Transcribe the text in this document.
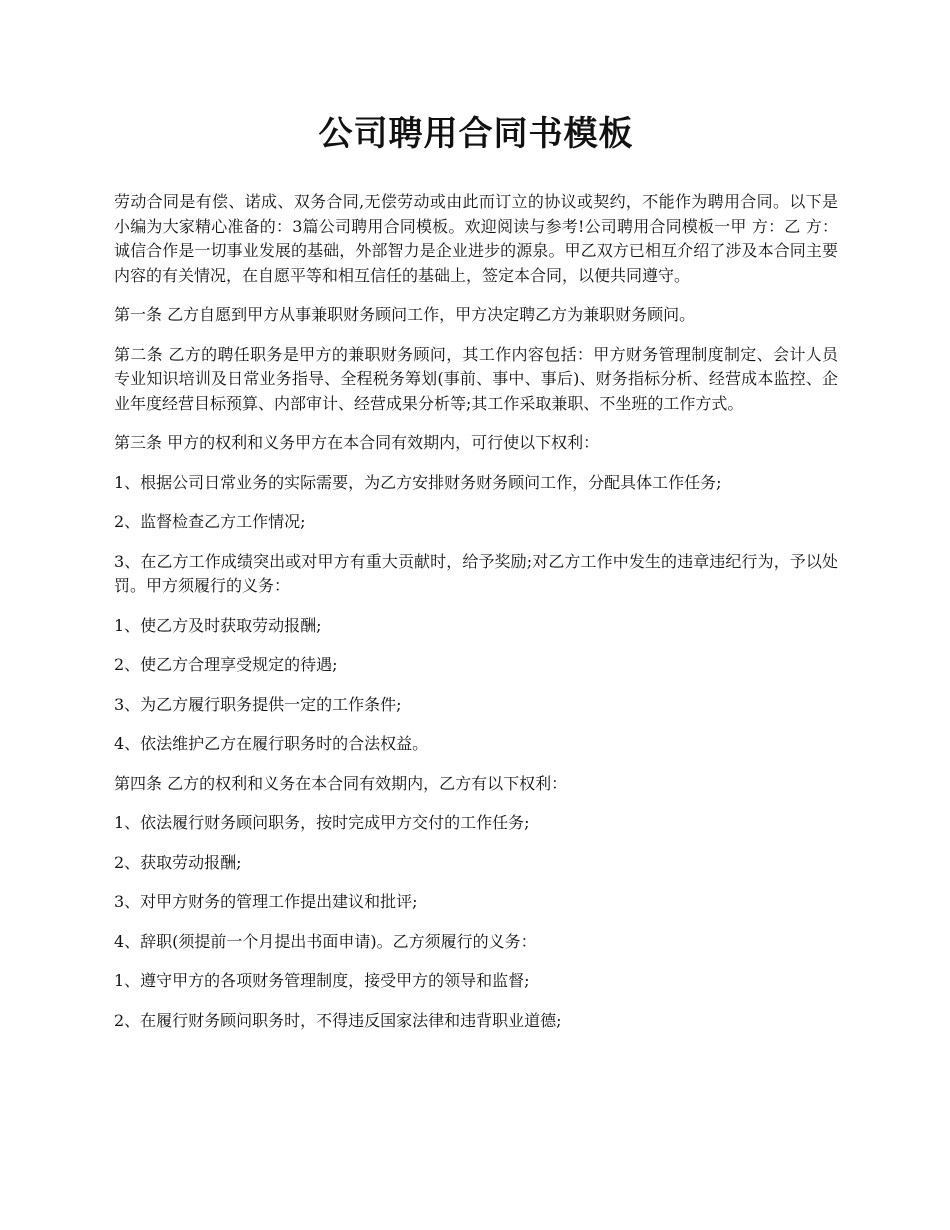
公司聘用合同书模板

劳动合同是有偿、诺成、双务合同,无偿劳动或由此而订立的协议或契约，不能作为聘用合同。以下是小编为大家精心准备的：3篇公司聘用合同模板。欢迎阅读与参考!公司聘用合同模板一甲 方：乙 方：诚信合作是一切事业发展的基础，外部智力是企业进步的源泉。甲乙双方已相互介绍了涉及本合同主要内容的有关情况，在自愿平等和相互信任的基础上，签定本合同，以便共同遵守。

第一条 乙方自愿到甲方从事兼职财务顾问工作，甲方决定聘乙方为兼职财务顾问。

第二条 乙方的聘任职务是甲方的兼职财务顾问，其工作内容包括：甲方财务管理制度制定、会计人员专业知识培训及日常业务指导、全程税务筹划(事前、事中、事后)、财务指标分析、经营成本监控、企业年度经营目标预算、内部审计、经营成果分析等;其工作采取兼职、不坐班的工作方式。

第三条 甲方的权利和义务甲方在本合同有效期内，可行使以下权利：

1、根据公司日常业务的实际需要，为乙方安排财务财务顾问工作，分配具体工作任务;

2、监督检查乙方工作情况;

3、在乙方工作成绩突出或对甲方有重大贡献时，给予奖励;对乙方工作中发生的违章违纪行为，予以处罚。甲方须履行的义务：

1、使乙方及时获取劳动报酬;

2、使乙方合理享受规定的待遇;

3、为乙方履行职务提供一定的工作条件;

4、依法维护乙方在履行职务时的合法权益。

第四条 乙方的权利和义务在本合同有效期内，乙方有以下权利：

1、依法履行财务顾问职务，按时完成甲方交付的工作任务;

2、获取劳动报酬;

3、对甲方财务的管理工作提出建议和批评;

4、辞职(须提前一个月提出书面申请)。乙方须履行的义务：

1、遵守甲方的各项财务管理制度，接受甲方的领导和监督;

2、在履行财务顾问职务时，不得违反国家法律和违背职业道德;
